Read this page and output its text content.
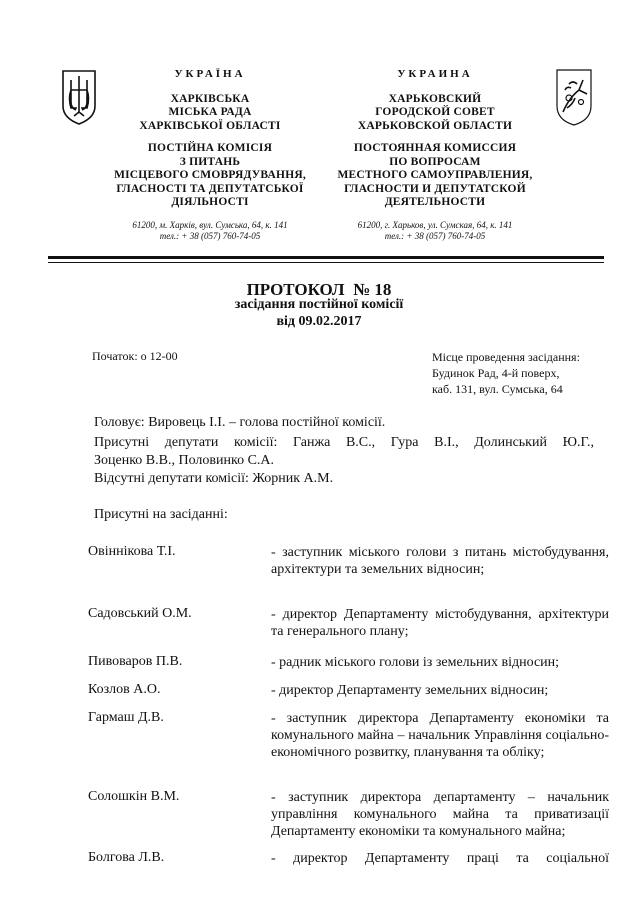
УКРАЇНА
ХАРКІВСЬКА
МІСЬКА РАДА
ХАРКІВСЬКОЇ ОБЛАСТІ
ПОСТІЙНА КОМІСІЯ
З ПИТАНЬ
МІСЦЕВОГО СМОВРЯДУВАННЯ,
ГЛАСНОСТІ ТА ДЕПУТАТСЬКОЇ
ДІЯЛЬНОСТІ
61200, м. Харків, вул. Сумська, 64, к. 141
тел.: + 38 (057) 760-74-05
УКРАИНА
ХАРЬКОВСКИЙ
ГОРОДСКОЙ СОВЕТ
ХАРЬКОВСКОЙ ОБЛАСТИ
ПОСТОЯННАЯ КОМИССИЯ
ПО ВОПРОСАМ
МЕСТНОГО САМОУПРАВЛЕНИЯ,
ГЛАСНОСТИ И ДЕПУТАТСКОЙ
ДЕЯТЕЛЬНОСТИ
61200, г. Харьков, ул. Сумская, 64, к. 141
тел.: + 38 (057) 760-74-05
ПРОТОКОЛ  № 18
засідання постійної комісії
від 09.02.2017
Початок: о 12-00	Місце проведення засідання:
Будинок Рад, 4-й поверх,
каб. 131, вул. Сумська, 64
Головує: Вировець І.І. – голова постійної комісії.
Присутні депутати комісії: Ганжа В.С., Гура В.І., Долинський Ю.Г.,
Зоценко В.В., Половинко С.А.
Відсутні депутати комісії: Жорник А.М.
Присутні на засіданні:
Овіннікова Т.І.	- заступник міського голови з питань містобудування, архітектури та земельних відносин;
Садовський О.М.	- директор Департаменту містобудування, архітектури та генерального плану;
Пивоваров П.В.	- радник міського голови із земельних відносин;
Козлов А.О.	- директор Департаменту земельних відносин;
Гармаш Д.В.	- заступник директора Департаменту економіки та комунального майна – начальник Управління соціально-економічного розвитку, планування та обліку;
Солошкін В.М.	- заступник директора департаменту – начальник управління комунального майна та приватизації Департаменту економіки та комунального майна;
Болгова Л.В.	- директор Департаменту праці та соціальної
